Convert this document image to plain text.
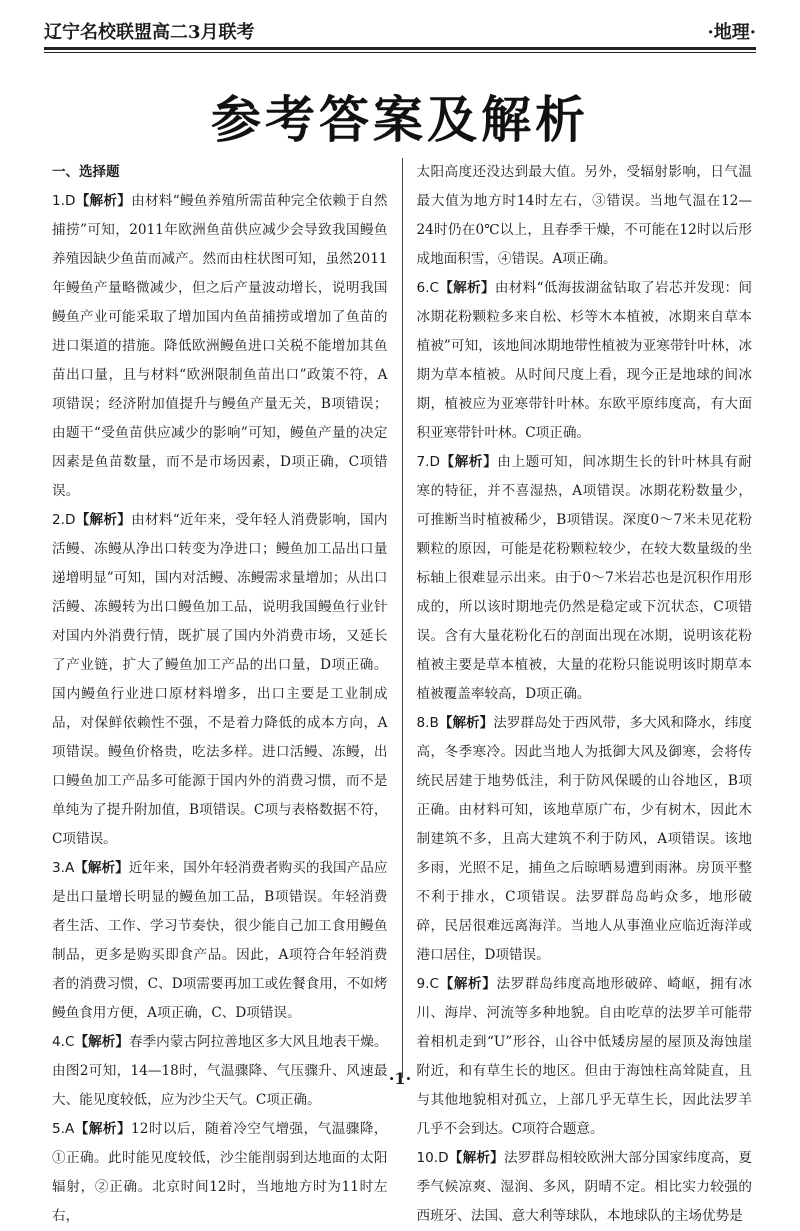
辽宁名校联盟高二3月联考	·地理·
参考答案及解析
一、选择题

1.D【解析】由材料“鳗鱼养殖所需苗种完全依赖于自然捕捞”可知，2011年欧洲鱼苗供应减少会导致我国鳗鱼养殖因缺少鱼苗而减产。然而由柱状图可知，虽然2011年鳗鱼产量略微减少，但之后产量波动增长，说明我国鳗鱼产业可能采取了增加国内鱼苗捕捞或增加了鱼苗的进口渠道的措施。降低欧洲鳗鱼进口关税不能增加其鱼苗出口量，且与材料“欧洲限制鱼苗出口”政策不符，A项错误；经济附加值提升与鳗鱼产量无关，B项错误；由题干“受鱼苗供应减少的影响”可知，鳗鱼产量的决定因素是鱼苗数量，而不是市场因素，D项正确，C项错误。

2.D【解析】由材料“近年来，受年轻人消费影响，国内活鳗、冻鳗从净出口转变为净进口；鳗鱼加工品出口量递增明显”可知，国内对活鳗、冻鳗需求量增加；从出口活鳗、冻鳗转为出口鳗鱼加工品，说明我国鳗鱼行业针对国内外消费行情，既扩展了国内外消费市场，又延长了产业链，扩大了鳗鱼加工产品的出口量，D项正确。国内鳗鱼行业进口原材料增多，出口主要是工业制成品，对保鲜依赖性不强，不是着力降低的成本方向，A项错误。鳗鱼价格贵，吃法多样。进口活鳗、冻鳗，出口鳗鱼加工产品多可能源于国内外的消费习惯，而不是单纯为了提升附加值，B项错误。C项与表格数据不符，C项错误。

3.A【解析】近年来，国外年轻消费者购买的我国产品应是出口量增长明显的鳗鱼加工品，B项错误。年轻消费者生活、工作、学习节奏快，很少能自己加工食用鳗鱼制品，更多是购买即食产品。因此，A项符合年轻消费者的消费习惯，C、D项需要再加工或佐餐食用，不如烤鳗鱼食用方便，A项正确，C、D项错误。

4.C【解析】春季内蒙古阿拉善地区多大风且地表干燥。由图2可知，14—18时，气温骤降、气压骤升、风速最大、能见度较低，应为沙尘天气。C项正确。

5.A【解析】12时以后，随着冷空气增强，气温骤降，①正确。此时能见度较低，沙尘能削弱到达地面的太阳辐射，②正确。北京时间12时，当地地方时为11时左右，

太阳高度还没达到最大值。另外，受辐射影响，日气温最大值为地方时14时左右，③错误。当地气温在12—24时仍在0℃以上，且春季干燥，不可能在12时以后形成地面积雪，④错误。A项正确。

6.C【解析】由材料“低海拔湖盆钻取了岩芯并发现：间冰期花粉颗粒多来自松、杉等木本植被，冰期来自草本植被”可知，该地间冰期地带性植被为亚寒带针叶林，冰期为草本植被。从时间尺度上看，现今正是地球的间冰期，植被应为亚寒带针叶林。东欧平原纬度高，有大面积亚寒带针叶林。C项正确。

7.D【解析】由上题可知，间冰期生长的针叶林具有耐寒的特征，并不喜湿热，A项错误。冰期花粉数量少，可推断当时植被稀少，B项错误。深度0～7米未见花粉颗粒的原因，可能是花粉颗粒较少，在较大数量级的坐标轴上很难显示出来。由于0～7米岩芯也是沉积作用形成的，所以该时期地壳仍然是稳定或下沉状态，C项错误。含有大量花粉化石的剖面出现在冰期，说明该花粉植被主要是草本植被，大量的花粉只能说明该时期草本植被覆盖率较高，D项正确。

8.B【解析】法罗群岛处于西风带，多大风和降水，纬度高，冬季寒冷。因此当地人为抵御大风及御寒，会将传统民居建于地势低洼，利于防风保暖的山谷地区，B项正确。由材料可知，该地草原广布，少有树木，因此木制建筑不多，且高大建筑不利于防风，A项错误。该地多雨，光照不足，捕鱼之后晾晒易遭到雨淋。房顶平整不利于排水，C项错误。法罗群岛岛屿众多，地形破碎，民居很难远离海洋。当地人从事渔业应临近海洋或港口居住，D项错误。

9.C【解析】法罗群岛纬度高地形破碎、崎岖，拥有冰川、海岸、河流等多种地貌。自由吃草的法罗羊可能带着相机走到“U”形谷，山谷中低矮房屋的屋顶及海蚀崖附近，和有草生长的地区。但由于海蚀柱高耸陡直，且与其他地貌相对孤立，上部几乎无草生长，因此法罗羊几乎不会到达。C项符合题意。

10.D【解析】法罗群岛相较欧洲大部分国家纬度高，夏季气候凉爽、湿润、多风，阴晴不定。相比实力较强的西班牙、法国、意大利等球队，本地球队的主场优势是

·1·
